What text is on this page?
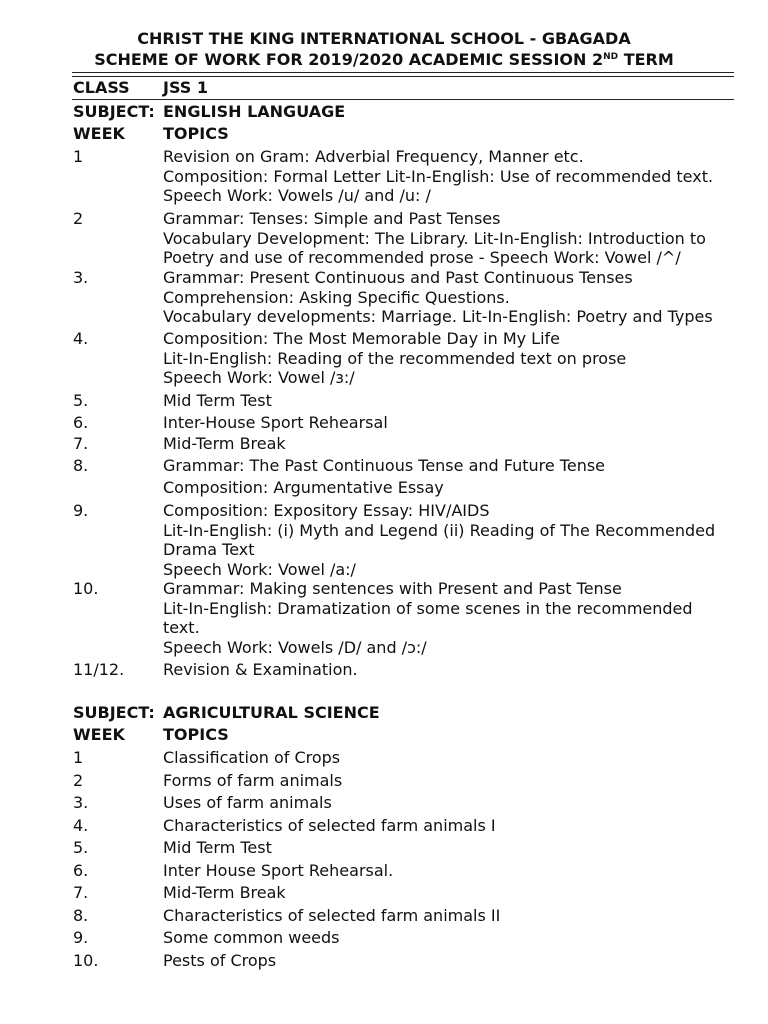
CHRIST THE KING INTERNATIONAL SCHOOL - GBAGADA
SCHEME OF WORK FOR 2019/2020 ACADEMIC SESSION 2ND TERM
CLASS	JSS 1
SUBJECT: ENGLISH LANGUAGE
WEEK	TOPICS
1	Revision on Gram: Adverbial Frequency, Manner etc.
Composition: Formal Letter Lit-In-English: Use of recommended text.
Speech Work: Vowels /u/ and /u: /
2	Grammar: Tenses: Simple and Past Tenses
Vocabulary Development: The Library. Lit-In-English: Introduction to
Poetry and use of recommended prose - Speech Work: Vowel /^/
3.	Grammar: Present Continuous and Past Continuous Tenses
Comprehension: Asking Specific Questions.
Vocabulary developments: Marriage. Lit-In-English: Poetry and Types
4.	Composition: The Most Memorable Day in My Life
Lit-In-English: Reading of the recommended text on prose
Speech Work: Vowel /ɜ:/
5.	Mid Term Test
6.	Inter-House Sport Rehearsal
7.	Mid-Term Break
8.	Grammar: The Past Continuous Tense and Future Tense
Composition: Argumentative Essay
9.	Composition: Expository Essay: HIV/AIDS
Lit-In-English: (i) Myth and Legend (ii) Reading of The Recommended
Drama Text
Speech Work: Vowel /a:/
10.	Grammar: Making sentences with Present and Past Tense
Lit-In-English: Dramatization of some scenes in the recommended
text.
Speech Work: Vowels /D/ and /ɔ:/
11/12.	Revision & Examination.
SUBJECT: AGRICULTURAL SCIENCE
WEEK	TOPICS
1	Classification of Crops
2	Forms of farm animals
3.	Uses of farm animals
4.	Characteristics of selected farm animals I
5.	Mid Term Test
6.	Inter House Sport Rehearsal.
7.	Mid-Term Break
8.	Characteristics of selected farm animals II
9.	Some common weeds
10.	Pests of Crops
